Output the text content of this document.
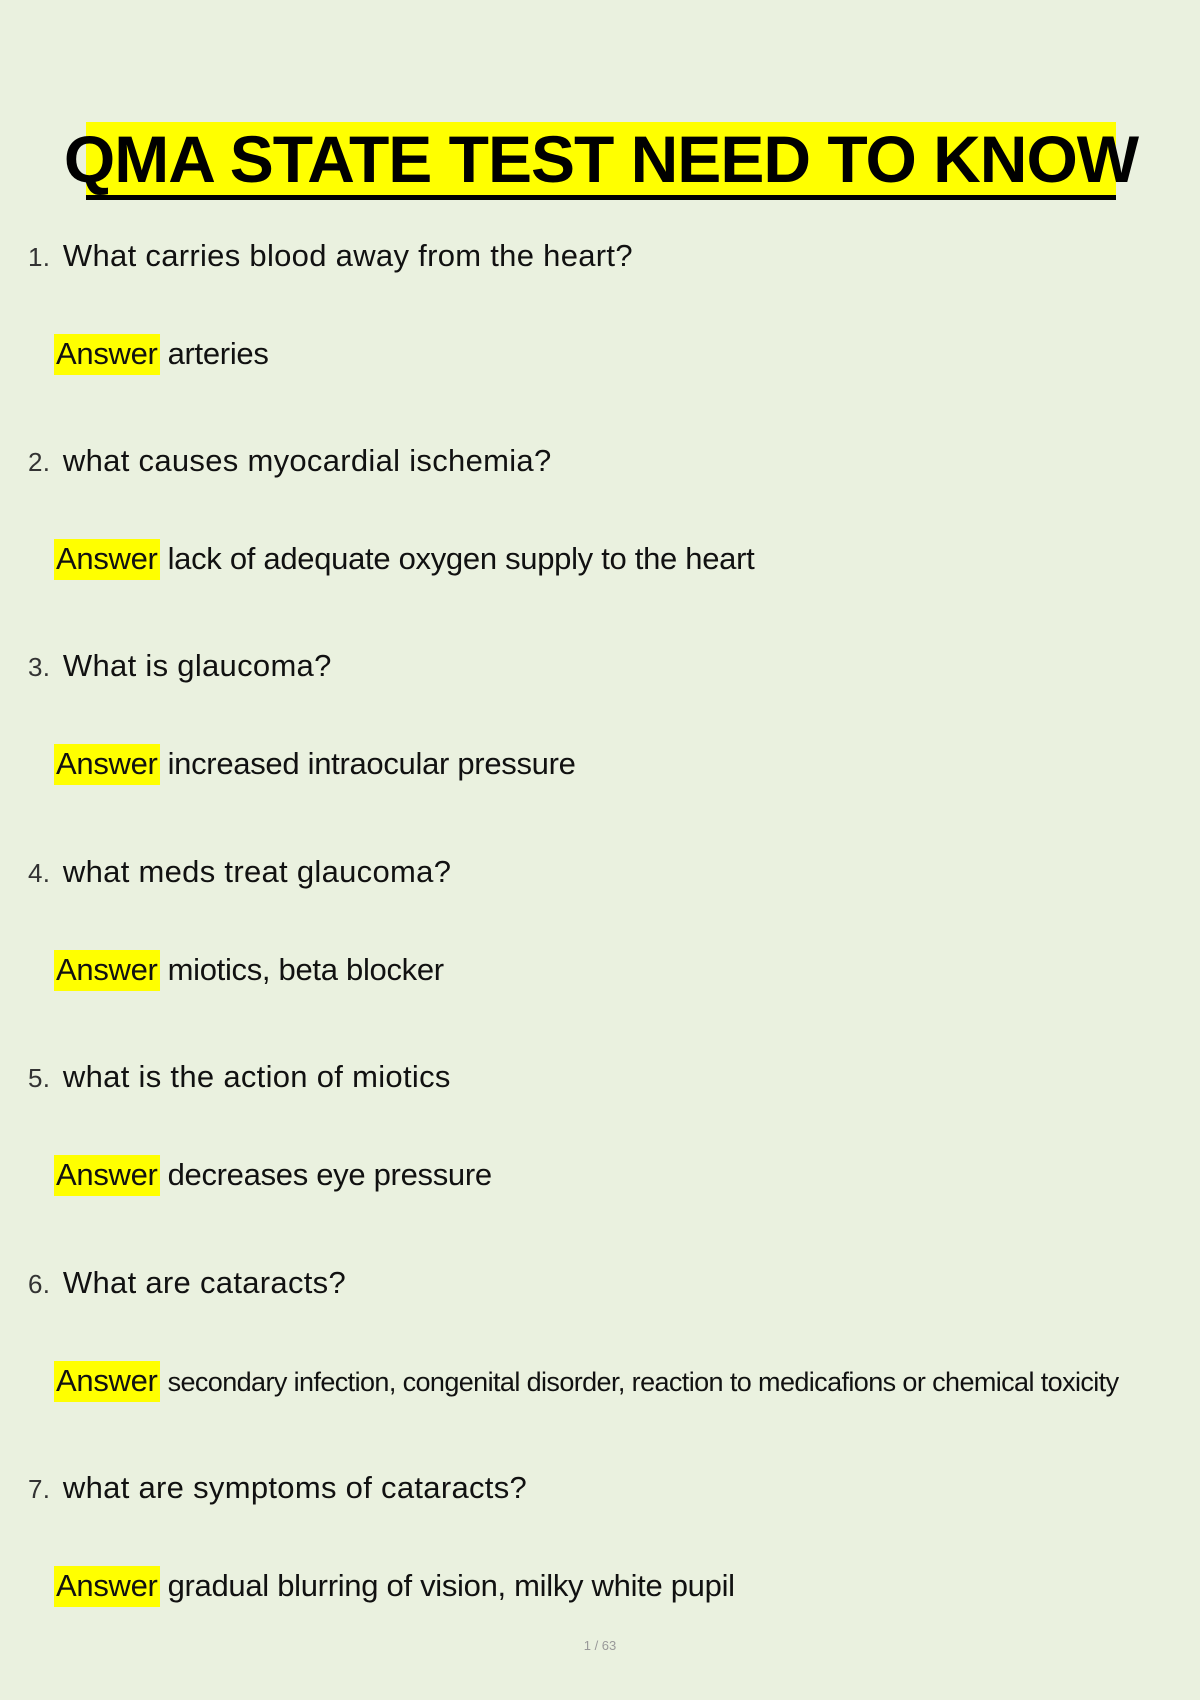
QMA STATE TEST NEED TO KNOW
1. What carries blood away from the heart?
Answer arteries
2. what causes myocardial ischemia?
Answer lack of adequate oxygen supply to the heart
3. What is glaucoma?
Answer increased intraocular pressure
4. what meds treat glaucoma?
Answer miotics, beta blocker
5. what is the action of miotics
Answer decreases eye pressure
6. What are cataracts?
Answer secondary infection, congenital disorder, reaction to medicafions or chemical toxicity
7. what are symptoms of cataracts?
Answer gradual blurring of vision, milky white pupil
1 / 63
